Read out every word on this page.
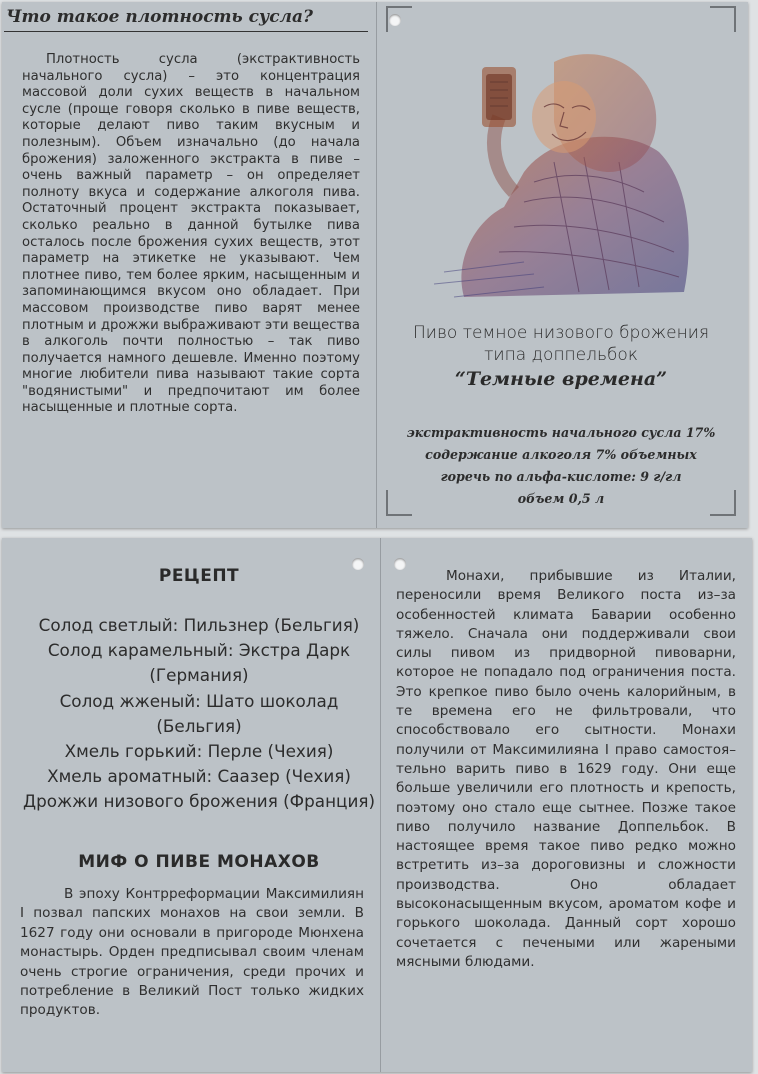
Что такое плотность сусла?
Плотность сусла (экстрактивность начального сусла) – это концентрация массовой доли сухих веществ в начальном сусле (проще говоря сколько в пиве веществ, которые делают пиво таким вкусным и полезным). Объем изначально (до начала брожения) заложенного экстракта в пиве – очень важный параметр – он определяет полноту вкуса и содержание алкоголя пива. Остаточный процент экстракта показывает, сколько реально в данной бутылке пива осталось после брожения сухих веществ, этот параметр на этикетке не указывают. Чем плотнее пиво, тем более ярким, насыщенным и запоминающимся вкусом оно обладает. При массовом производстве пиво варят менее плотным и дрожжи выбраживают эти вещества в алкоголь почти полностью – так пиво получается намного дешевле. Именно поэтому многие любители пива называют такие сорта "водянистыми" и предпочитают им более насыщенные и плотные сорта.
Пиво темное низового брожения
типа доппельбок
“Темные времена”
экстрактивность начального сусла 17%
содержание алкоголя 7% объемных
горечь по альфа-кислоте: 9 г/гл
объем 0,5 л
РЕЦЕПТ
Солод светлый: Пильзнер (Бельгия)
Солод карамельный: Экстра Дарк (Германия)
Солод жженый: Шато шоколад (Бельгия)
Хмель горький: Перле (Чехия)
Хмель ароматный: Саазер (Чехия)
Дрожжи низового брожения (Франция)
МИФ О ПИВЕ МОНАХОВ
В эпоху Контрреформации Максимилиян I позвал папских монахов на свои земли. В 1627 году они основали в пригороде Мюнхена монастырь. Орден предписывал своим членам очень строгие ограничения, среди прочих и потребление в Великий Пост только жидких продуктов.
Монахи, прибывшие из Италии, переносили время Великого поста из–за особенностей климата Баварии особенно тяжело. Сначала они поддерживали свои силы пивом из придворной пивоварни, которое не попадало под ограничения поста. Это крепкое пиво было очень калорийным, в те времена его не фильтровали, что способствовало его сытности. Монахи получили от Максимилияна I право самостоя–тельно варить пиво в 1629 году. Они еще больше увеличили его плотность и крепость, поэтому оно стало еще сытнее. Позже такое пиво получило название Доппельбок. В настоящее время такое пиво редко можно встретить из–за дороговизны и сложности производства. Оно обладает высоконасыщенным вкусом, ароматом кофе и горького шоколада. Данный сорт хорошо сочетается с печеными или жареными мясными блюдами.
